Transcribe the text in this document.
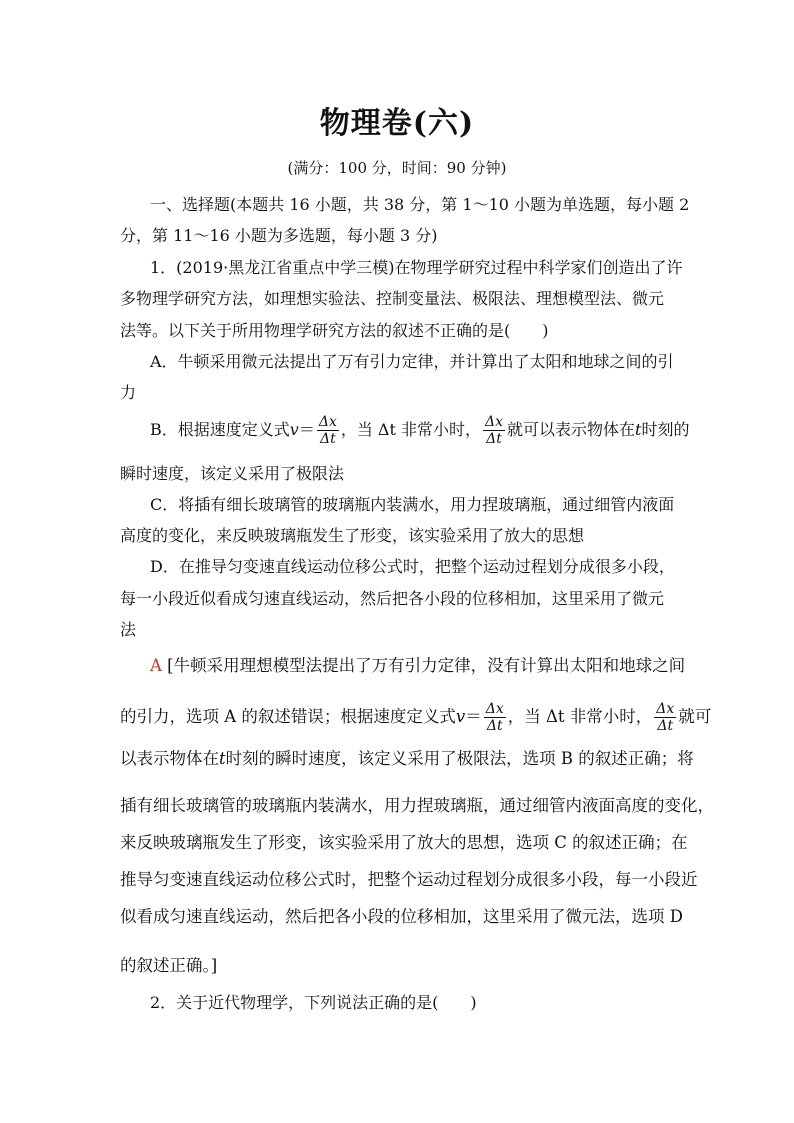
物理卷(六)
(满分：100 分，时间：90 分钟)
一、选择题(本题共 16 小题，共 38 分，第 1～10 小题为单选题，每小题 2
分，第 11～16 小题为多选题，每小题 3 分)
1．(2019·黑龙江省重点中学三模)在物理学研究过程中科学家们创造出了许
多物理学研究方法，如理想实验法、控制变量法、极限法、理想模型法、微元
法等。以下关于所用物理学研究方法的叙述不正确的是(　　)
A．牛顿采用微元法提出了万有引力定律，并计算出了太阳和地球之间的引
力
B．根据速度定义式$v= \frac{\Delta x}{\Delta t}$ ，当 Δt 非常小时， $\frac{\Delta x}{\Delta t}$ 就可以表示物体在t时刻的
瞬时速度，该定义采用了极限法
C．将插有细长玻璃管的玻璃瓶内装满水，用力捏玻璃瓶，通过细管内液面
高度的变化，来反映玻璃瓶发生了形变，该实验采用了放大的思想
D．在推导匀变速直线运动位移公式时，把整个运动过程划分成很多小段，
每一小段近似看成匀速直线运动，然后把各小段的位移相加，这里采用了微元
法
A [牛顿采用理想模型法提出了万有引力定律，没有计算出太阳和地球之间
的引力，选项 A 的叙述错误；根据速度定义式$v= \frac{\Delta x}{\Delta t}$ ，当 Δt 非常小时， $\frac{\Delta x}{\Delta t}$ 就可
以表示物体在t时刻的瞬时速度，该定义采用了极限法，选项 B 的叙述正确；将
插有细长玻璃管的玻璃瓶内装满水，用力捏玻璃瓶，通过细管内液面高度的变化，
来反映玻璃瓶发生了形变，该实验采用了放大的思想，选项 C 的叙述正确；在
推导匀变速直线运动位移公式时，把整个运动过程划分成很多小段，每一小段近
似看成匀速直线运动，然后把各小段的位移相加，这里采用了微元法，选项 D
的叙述正确。]
2．关于近代物理学，下列说法正确的是(　　)
